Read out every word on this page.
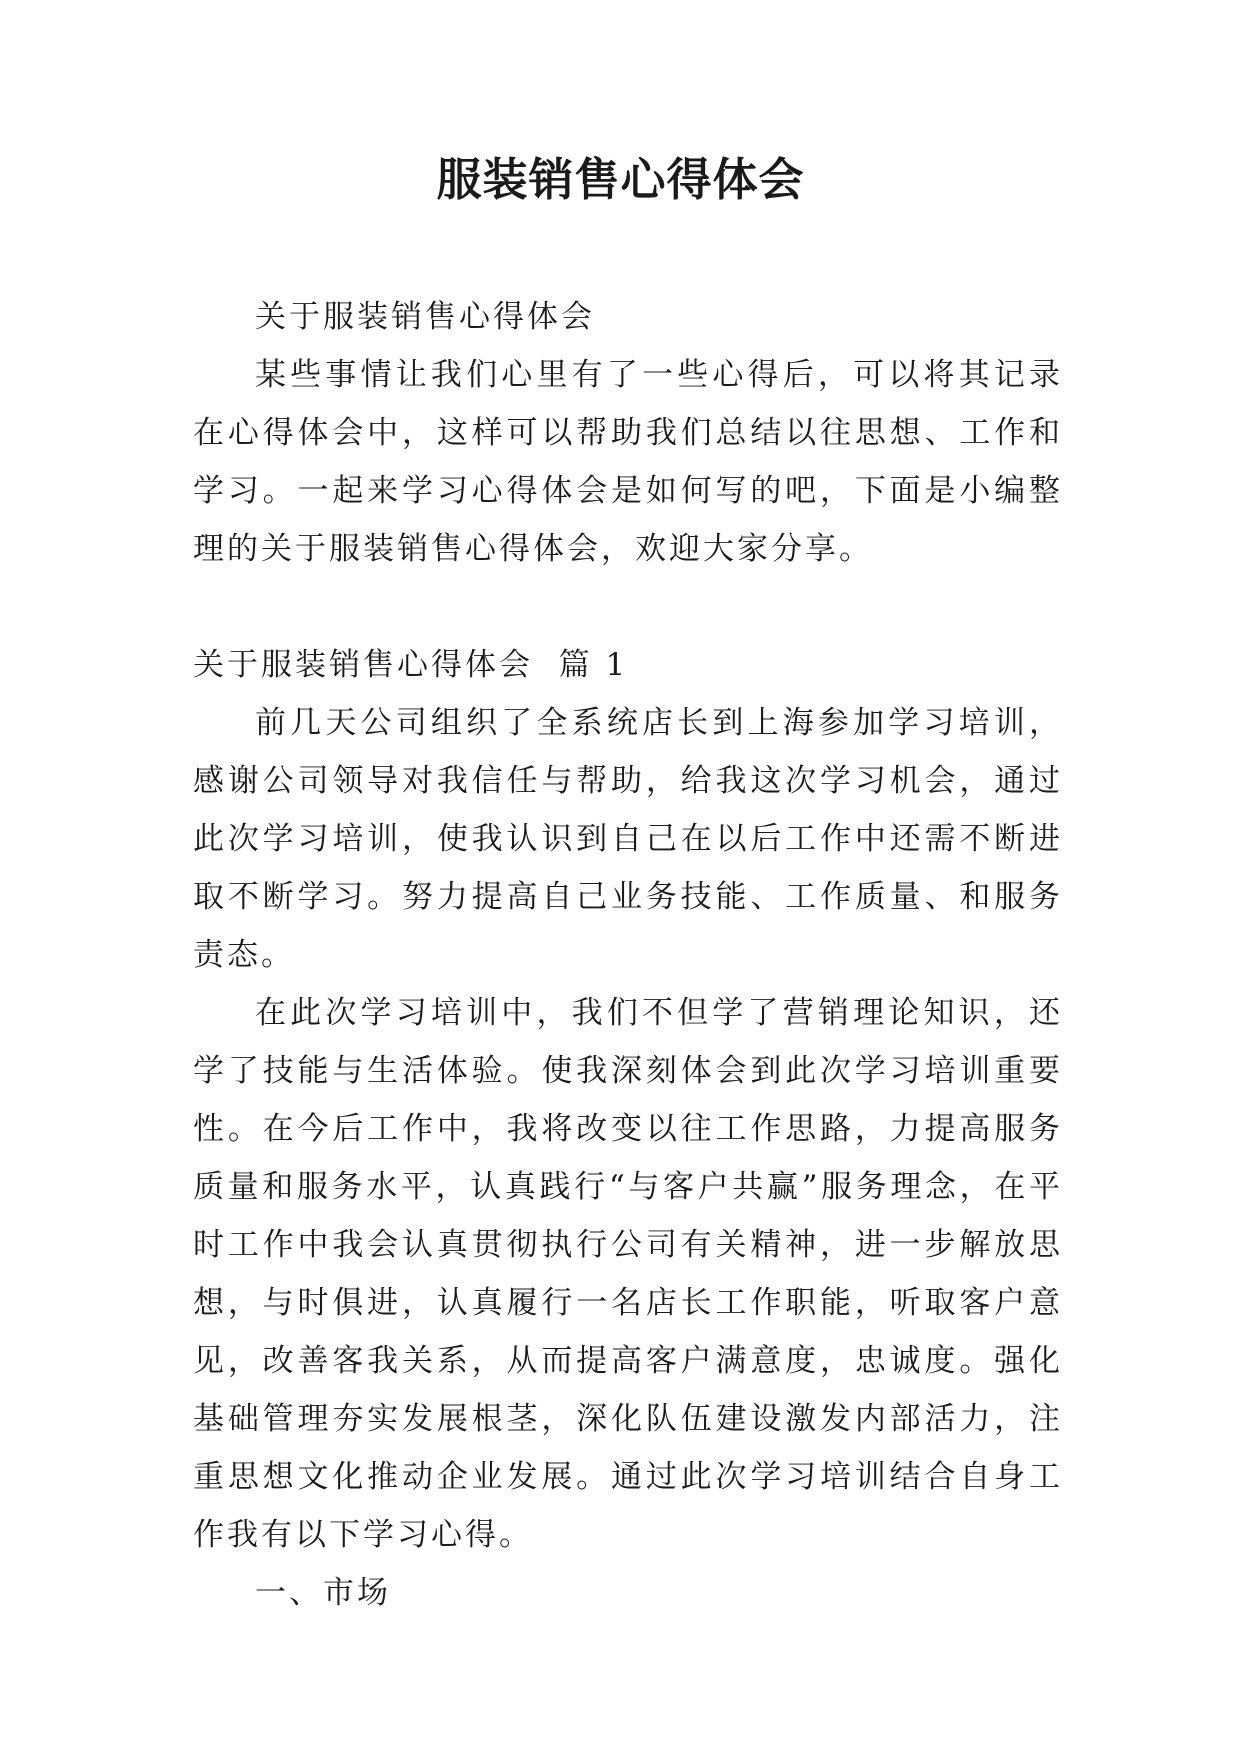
服装销售心得体会

关于服装销售心得体会

某些事情让我们心里有了一些心得后，可以将其记录在心得体会中，这样可以帮助我们总结以往思想、工作和学习。一起来学习心得体会是如何写的吧，下面是小编整理的关于服装销售心得体会，欢迎大家分享。

关于服装销售心得体会  篇 1

前几天公司组织了全系统店长到上海参加学习培训，感谢公司领导对我信任与帮助，给我这次学习机会，通过此次学习培训，使我认识到自己在以后工作中还需不断进取不断学习。努力提高自己业务技能、工作质量、和服务责态。

在此次学习培训中，我们不但学了营销理论知识，还学了技能与生活体验。使我深刻体会到此次学习培训重要性。在今后工作中，我将改变以往工作思路，力提高服务质量和服务水平，认真践行“与客户共赢”服务理念，在平时工作中我会认真贯彻执行公司有关精神，进一步解放思想，与时俱进，认真履行一名店长工作职能，听取客户意见，改善客我关系，从而提高客户满意度，忠诚度。强化基础管理夯实发展根茎，深化队伍建设激发内部活力，注重思想文化推动企业发展。通过此次学习培训结合自身工作我有以下学习心得。

一、市场
